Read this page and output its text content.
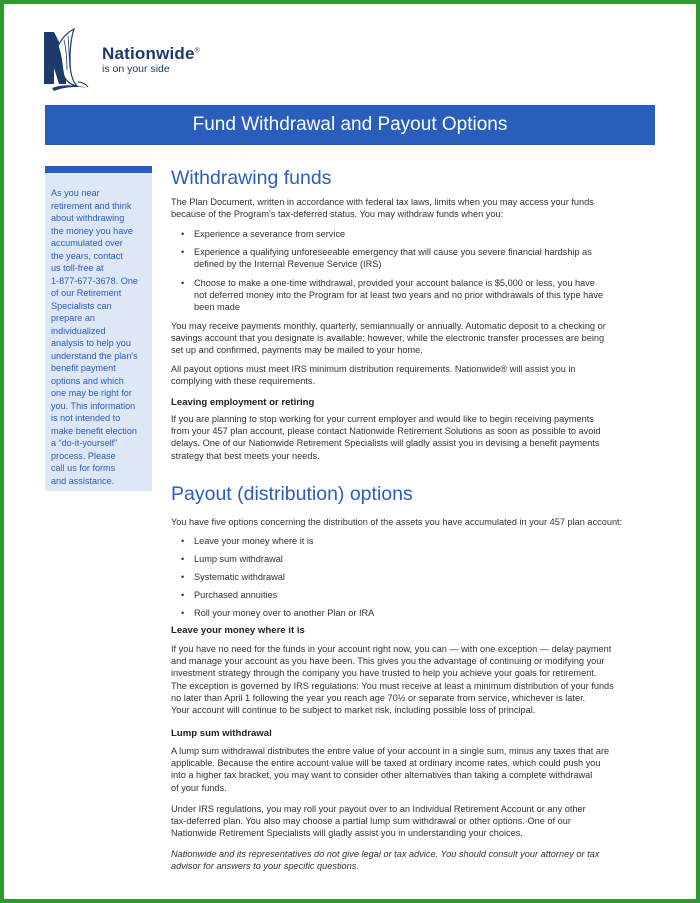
Nationwide®
is on your side
Fund Withdrawal and Payout Options
As you near
retirement and think
about withdrawing
the money you have
accumulated over
the years, contact
us toll-free at
1-877-677-3678. One
of our Retirement
Specialists can
prepare an
individualized
analysis to help you
understand the plan's
benefit payment
options and which
one may be right for
you. This information
is not intended to
make benefit election
a “do-it-yourself”
process. Please
call us for forms
and assistance.
Withdrawing funds
The Plan Document, written in accordance with federal tax laws, limits when you may access your funds
because of the Program's tax-deferred status. You may withdraw funds when you:
• Experience a severance from service
• Experience a qualifying unforeseeable emergency that will cause you severe financial hardship as
defined by the Internal Revenue Service (IRS)
• Choose to make a one-time withdrawal, provided your account balance is $5,000 or less, you have
not deferred money into the Program for at least two years and no prior withdrawals of this type have
been made
You may receive payments monthly, quarterly, semiannually or annually. Automatic deposit to a checking or
savings account that you designate is available; however, while the electronic transfer processes are being
set up and confirmed, payments may be mailed to your home.
All payout options must meet IRS minimum distribution requirements. Nationwide® will assist you in
complying with these requirements.
Leaving employment or retiring
If you are planning to stop working for your current employer and would like to begin receiving payments
from your 457 plan account, please contact Nationwide Retirement Solutions as soon as possible to avoid
delays. One of our Nationwide Retirement Specialists will gladly assist you in devising a benefit payments
strategy that best meets your needs.
Payout (distribution) options

You have five options concerning the distribution of the assets you have accumulated in your 457 plan account:

• Leave your money where it is
• Lump sum withdrawal
• Systematic withdrawal
• Purchased annuities
• Roll your money over to another Plan or IRA
Leave your money where it is
If you have no need for the funds in your account right now, you can — with one exception — delay payment
and manage your account as you have been. This gives you the advantage of continuing or modifying your
investment strategy through the company you have trusted to help you achieve your goals for retirement.
The exception is governed by IRS regulations: You must receive at least a minimum distribution of your funds
no later than April 1 following the year you reach age 70½ or separate from service, whichever is later.
Your account will continue to be subject to market risk, including possible loss of principal.
Lump sum withdrawal
A lump sum withdrawal distributes the entire value of your account in a single sum, minus any taxes that are
applicable. Because the entire account value will be taxed at ordinary income rates, which could push you
into a higher tax bracket, you may want to consider other alternatives than taking a complete withdrawal
of your funds.
Under IRS regulations, you may roll your payout over to an Individual Retirement Account or any other
tax-deferred plan. You also may choose a partial lump sum withdrawal or other options. One of our
Nationwide Retirement Specialists will gladly assist you in understanding your choices.
Nationwide and its representatives do not give legal or tax advice. You should consult your attorney or tax
advisor for answers to your specific questions.
